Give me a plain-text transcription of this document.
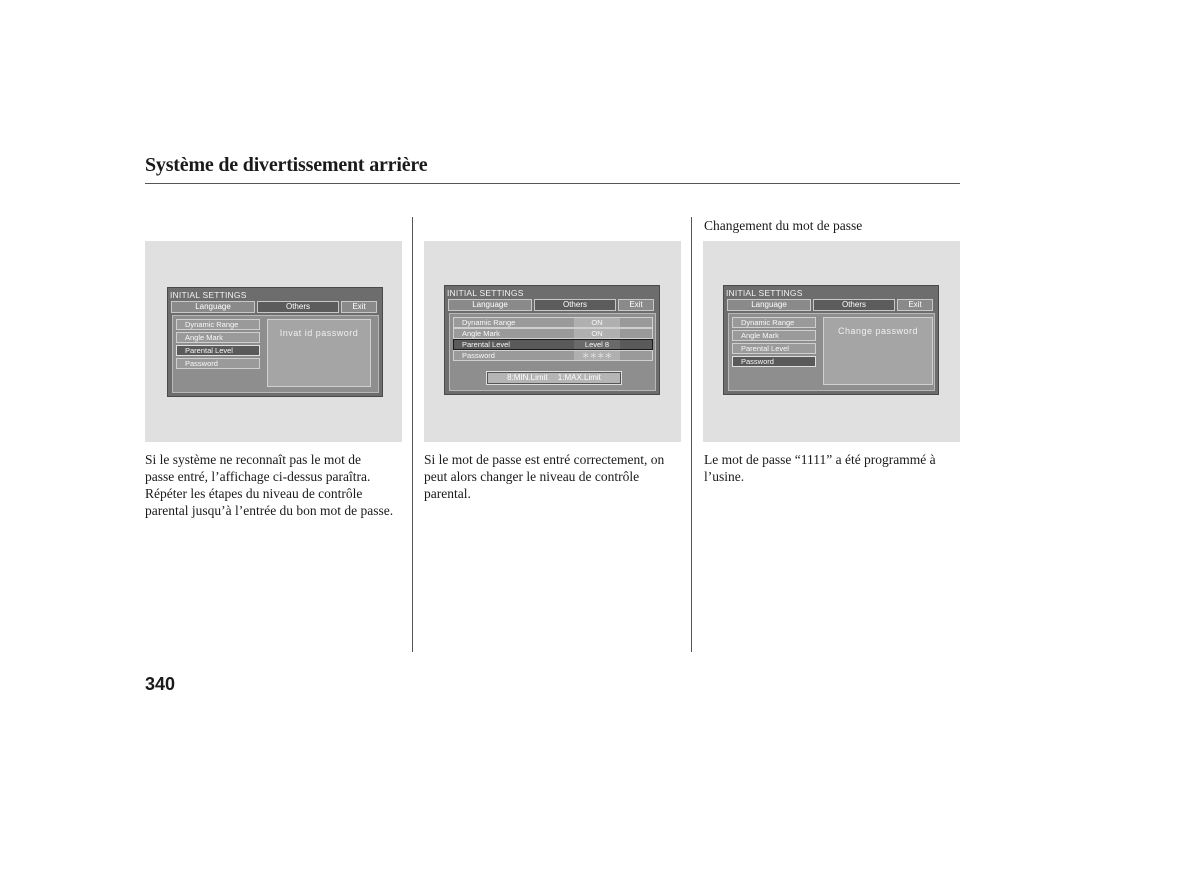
Système de divertissement arrière
Changement du mot de passe
INITIAL SETTINGS
Language	Others	Exit
Dynamic Range
Angle Mark
Parental Level
Password
Invat id password
INITIAL SETTINGS
Language	Others	Exit
Dynamic Range	ON
Angle Mark	ON
Parental Level	Level 8
Password	＊＊＊＊
8:MIN.Limit 1:MAX.Limit
INITIAL SETTINGS
Language	Others	Exit
Dynamic Range
Angle Mark
Parental Level
Password
Change password
Si le système ne reconnaît pas le mot de
passe entré, l’affichage ci-dessus paraîtra.
Répéter les étapes du niveau de contrôle
parental jusqu’à l’entrée du bon mot de passe.
Si le mot de passe est entré correctement, on
peut alors changer le niveau de contrôle
parental.
Le mot de passe “1111” a été programmé à
l’usine.
340
